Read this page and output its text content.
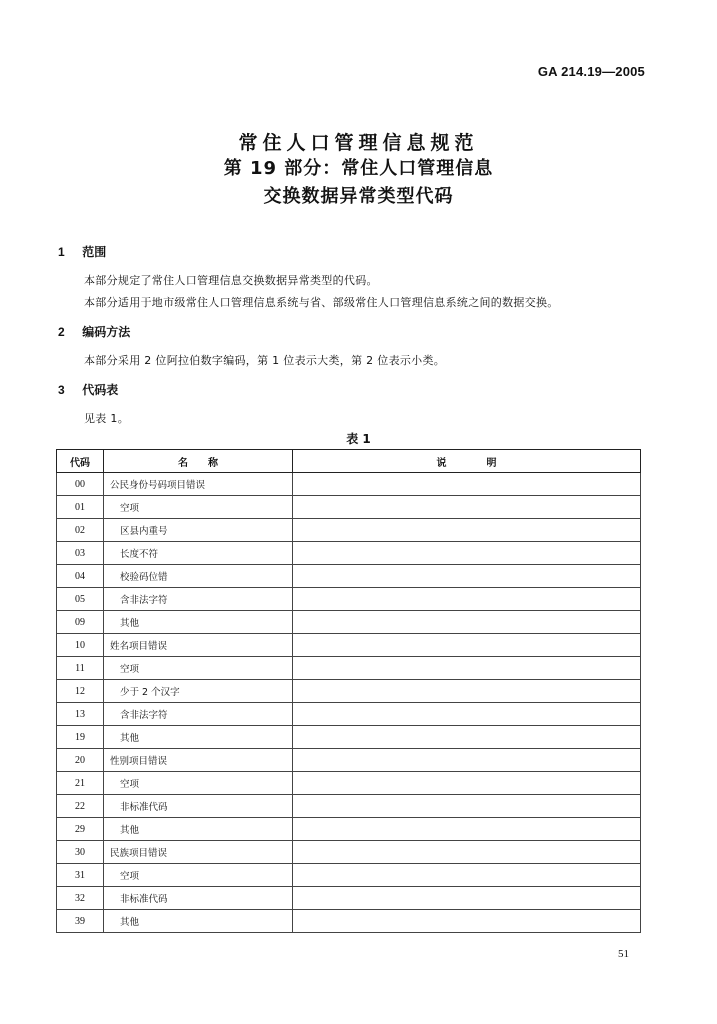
GA 214.19—2005
常住人口管理信息规范
第 19 部分：常住人口管理信息
交换数据异常类型代码
1 范围
本部分规定了常住人口管理信息交换数据异常类型的代码。
本部分适用于地市级常住人口管理信息系统与省、部级常住人口管理信息系统之间的数据交换。
2 编码方法
本部分采用 2 位阿拉伯数字编码，第 1 位表示大类，第 2 位表示小类。
3 代码表
见表 1。
表 1
代码	名　　称	说　　　　明
00	公民身份号码项目错误	
01	空项	
02	区县内重号	
03	长度不符	
04	校验码位错	
05	含非法字符	
09	其他	
10	姓名项目错误	
11	空项	
12	少于 2 个汉字	
13	含非法字符	
19	其他	
20	性别项目错误	
21	空项	
22	非标准代码	
29	其他	
30	民族项目错误	
31	空项	
32	非标准代码	
39	其他	
51
